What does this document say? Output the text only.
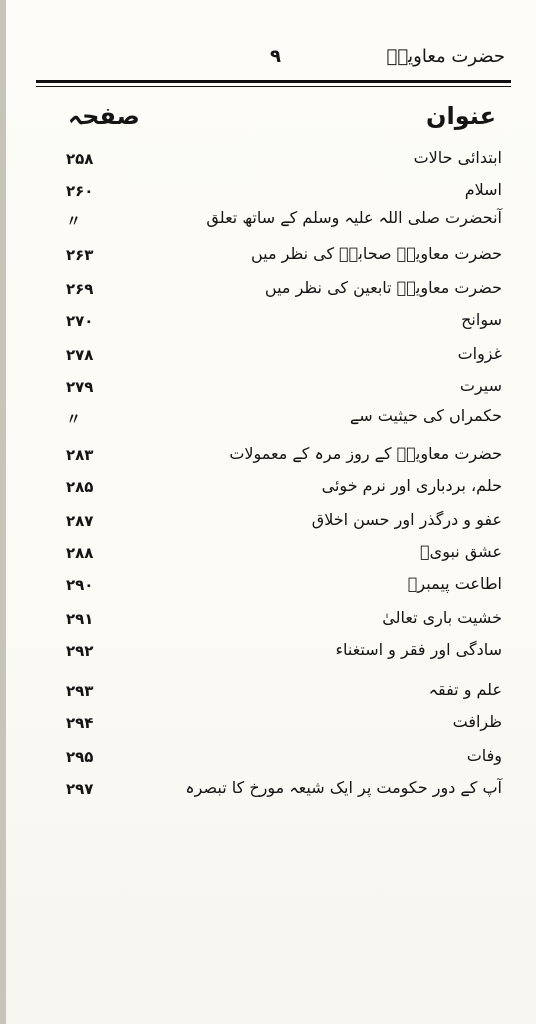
حضرت معاویہؓ
۹
عنوان
صفحہ
ابتدائی حالات
۲۵۸
اسلام
۲۶۰
آنحضرت صلی اللہ علیہ وسلم کے ساتھ تعلق
〃
حضرت معاویہؓ صحابہؓ کی نظر میں
۲۶۳
حضرت معاویہؓ تابعین کی نظر میں
۲۶۹
سوانح
۲۷۰
غزوات
۲۷۸
سیرت
۲۷۹
حکمراں کی حیثیت سے
〃
حضرت معاویہؓ کے روز مرہ کے معمولات
۲۸۳
حلم، بردباری اور نرم خوئی
۲۸۵
عفو و درگذر اور حسن اخلاق
۲۸۷
عشق نبویؐ
۲۸۸
اطاعت پیمبرؐ
۲۹۰
خشیت باری تعالیٰ
۲۹۱
سادگی اور فقر و استغناء
۲۹۲
علم و تفقہ
۲۹۳
ظرافت
۲۹۴
وفات
۲۹۵
آپ کے دور حکومت پر ایک شیعہ مورخ کا تبصرہ
۲۹۷
